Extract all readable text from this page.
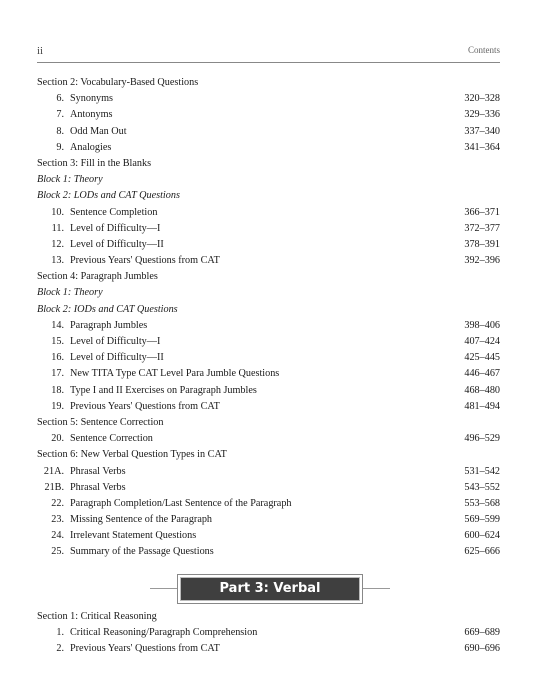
ii	Contents
Section 2: Vocabulary-Based Questions
6. Synonyms	320–328
7. Antonyms	329–336
8. Odd Man Out	337–340
9. Analogies	341–364
Section 3: Fill in the Blanks
Block 1: Theory
Block 2: LODs and CAT Questions
10. Sentence Completion	366–371
11. Level of Difficulty—I	372–377
12. Level of Difficulty—II	378–391
13. Previous Years' Questions from CAT	392–396
Section 4: Paragraph Jumbles
Block 1: Theory
Block 2: IODs and CAT Questions
14. Paragraph Jumbles	398–406
15. Level of Difficulty—I	407–424
16. Level of Difficulty—II	425–445
17. New TITA Type CAT Level Para Jumble Questions	446–467
18. Type I and II Exercises on Paragraph Jumbles	468–480
19. Previous Years' Questions from CAT	481–494
Section 5: Sentence Correction
20. Sentence Correction	496–529
Section 6: New Verbal Question Types in CAT
21A. Phrasal Verbs	531–542
21B. Phrasal Verbs	543–552
22. Paragraph Completion/Last Sentence of the Paragraph	553–568
23. Missing Sentence of the Paragraph	569–599
24. Irrelevant Statement Questions	600–624
25. Summary of the Passage Questions	625–666
Part 3: Verbal Reasoning
Section 1: Critical Reasoning
1. Critical Reasoning/Paragraph Comprehension	669–689
2. Previous Years' Questions from CAT	690–696
